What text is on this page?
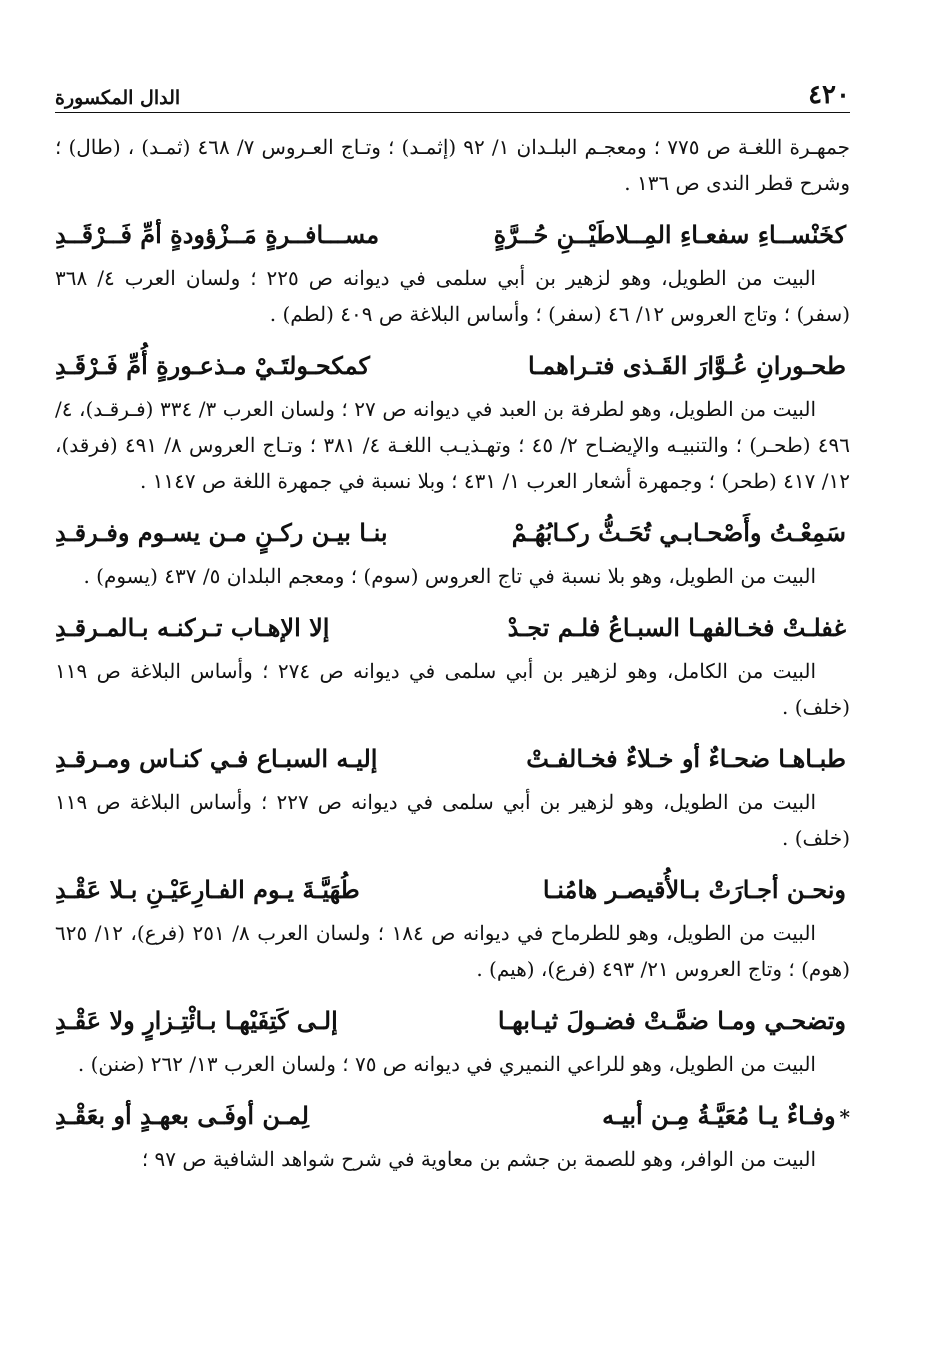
٤٢٠
الدال المكسورة

جمهـرة اللغـة ص ٧٧٥ ؛ ومعجـم البلـدان ١/ ٩٢ (إثمـد) ؛ وتـاج العـروس ٧/ ٤٦٨ (ثمـد) ، (طال) ؛ وشرح قطر الندى ص ١٣٦ .

كخَنْســاءِ سفعـاءِ المِــلاطَيْــنِ حُــرَّةٍ
مســـافــرةٍ مَــزْؤودةٍ أمِّ فَــرْقَــدِ

البيت من الطويل، وهو لزهير بن أبي سلمى في ديوانه ص ٢٢٥ ؛ ولسان العرب ٤/ ٣٦٨ (سفر) ؛ وتاج العروس ١٢/ ٤٦ (سفر) ؛ وأساس البلاغة ص ٤٠٩ (لطم) .

طحـورانِ عُـوَّارَ القَـذى فتـراهمـا
كمكحـولتَـيْ مـذعـورةٍ أُمِّ فَـرْقَـدِ

البيت من الطويل، وهو لطرفة بن العبد في ديوانه ص ٢٧ ؛ ولسان العرب ٣/ ٣٣٤ (فـرقـد)، ٤/ ٤٩٦ (طحـر) ؛ والتنبيـه والإيضـاح ٢/ ٤٥ ؛ وتهـذيـب اللغـة ٤/ ٣٨١ ؛ وتـاج العروس ٨/ ٤٩١ (فرقد)، ١٢/ ٤١٧ (طحر) ؛ وجمهرة أشعار العرب ١/ ٤٣١ ؛ وبلا نسبة في جمهرة اللغة ص ١١٤٧ .

سَمِعْـتُ وأَصْحـابـي تُحَـثُّ ركـابُهُـمْ
بنـا بيـن ركـنٍ مـن يسـوم وفـرقـدِ

البيت من الطويل، وهو بلا نسبة في تاج العروس (سوم) ؛ ومعجم البلدان ٥/ ٤٣٧ (يسوم) .

غفلـتْ فخـالفهـا السبـاعُ فلـم تجـدْ
إلا الإهـاب تـركنـه بـالمـرقـدِ

البيت من الكامل، وهو لزهير بن أبي سلمى في ديوانه ص ٢٧٤ ؛ وأساس البلاغة ص ١١٩ (خلف) .

طبـاهـا ضحـاءٌ أو خـلاءٌ فخـالفـتْ
إليـه السبـاع فـي كنـاس ومـرقـدِ

البيت من الطويل، وهو لزهير بن أبي سلمى في ديوانه ص ٢٢٧ ؛ وأساس البلاغة ص ١١٩ (خلف) .

ونحـن أجـارَتْ بـالأُقيصـر هامُنـا
طُهَيَّـةَ يـوم الفـارِعَيْـنِ بـلا عَقْـدِ

البيت من الطويل، وهو للطرماح في ديوانه ص ١٨٤ ؛ ولسان العرب ٨/ ٢٥١ (فرع)، ١٢/ ٦٢٥ (هوم) ؛ وتاج العروس ٢١/ ٤٩٣ (فرع)، (هيم) .

وتضحـي ومـا ضمَّـتْ فضـولَ ثيـابهـا
إلـى كَتِفَيْهـا بـائْتِـزارٍ ولا عَقْـدِ

البيت من الطويل، وهو للراعي النميري في ديوانه ص ٧٥ ؛ ولسان العرب ١٣/ ٢٦٢ (ضنن) .

*وفـاءٌ يـا مُعَيَّـةُ مِـن أبيـه
لِمـن أوفَـى بعهـدٍ أو بعَقْـدِ

البيت من الوافر، وهو للصمة بن جشم بن معاوية في شرح شواهد الشافية ص ٩٧ ؛
